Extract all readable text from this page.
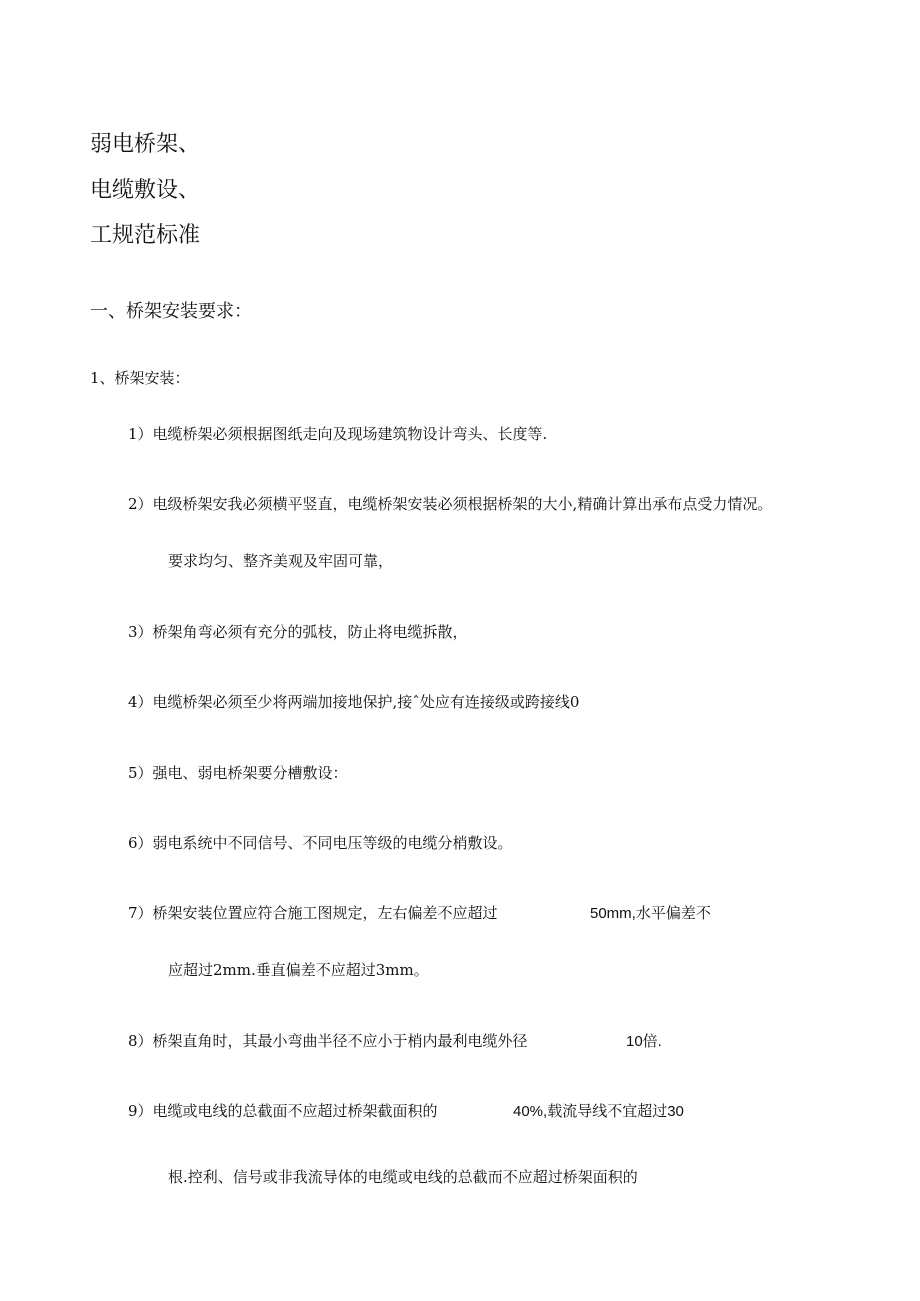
弱电桥架、

电缆敷设、

工规范标准

一、桥架安装要求：

1、桥架安装：

1）电缆桥架必须根据图纸走向及现场建筑物设计弯头、长度等.

2）电级桥架安我必须横平竖直，电缆桥架安装必须根据桥架的大小,精确计算出承布点受力情况。

要求均匀、整齐美观及牢固可靠，

3）桥架角弯必须有充分的弧枝，防止将电缆拆散，

4）电缆桥架必须至少将两端加接地保护,接ˆ处应有连接级或跨接线0

5）强电、弱电桥架要分槽敷设：

6）弱电系统中不同信号、不同电压等级的电缆分梢敷设。

7）桥架安装位置应符合施工图规定，左右偏差不应超过	50mm,水平偏差不

应超过2mm.垂直偏差不应超过3mm。

8）桥架直角时，其最小弯曲半径不应小于梢内最利电缆外径	10倍.

9）电缆或电线的总截面不应超过桥架截面积的	40%,载流导线不宜超过30

根.控利、信号或非我流导体的电缆或电线的总截而不应超过桥架面积的
